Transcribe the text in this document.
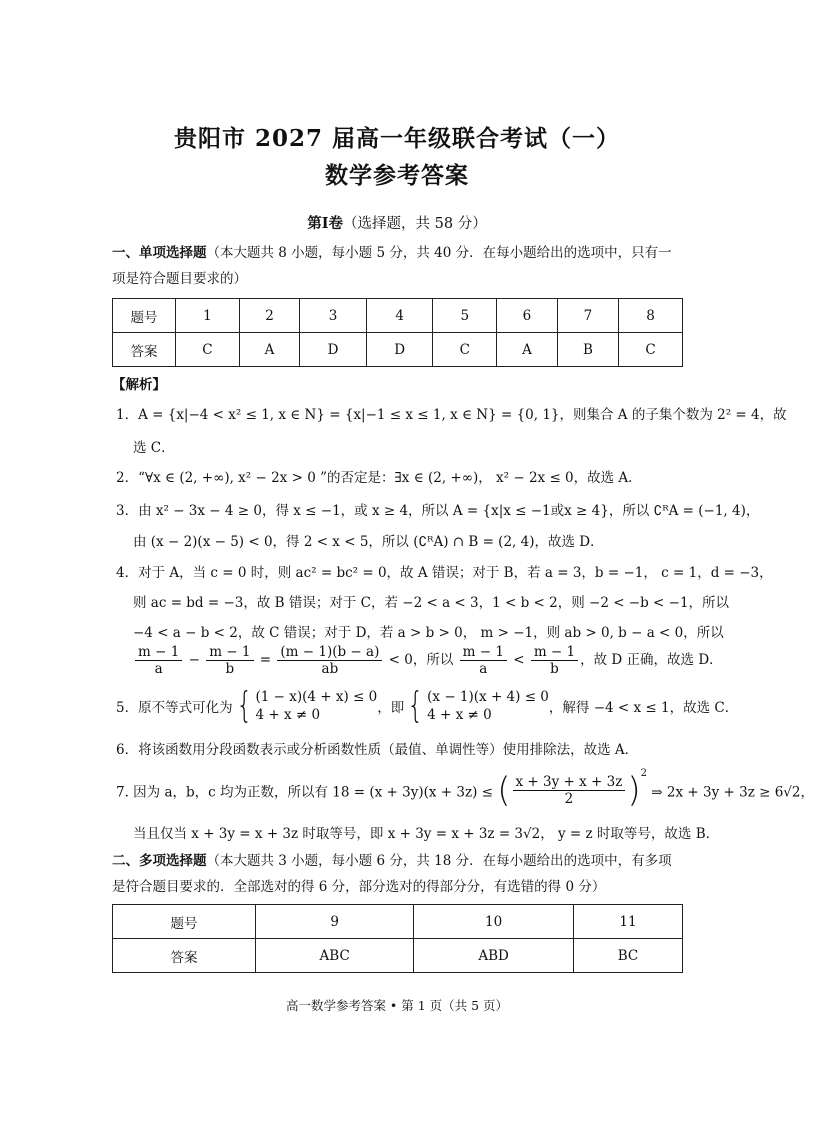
贵阳市 2027 届高一年级联合考试（一）
数学参考答案
第Ⅰ卷（选择题，共 58 分）
一、单项选择题（本大题共 8 小题，每小题 5 分，共 40 分．在每小题给出的选项中，只有一
项是符合题目要求的）
题号	1	2	3	4	5	6	7	8
答案	C	A	D	D	C	A	B	C
【解析】
1．A = {x|−4 < x² ≤ 1, x ∈ N} = {x|−1 ≤ x ≤ 1, x ∈ N} = {0, 1}，则集合 A 的子集个数为 2² = 4，故
选 C．
2．“∀x ∈ (2, +∞), x² − 2x > 0 ”的否定是：∃x ∈ (2, +∞)， x² − 2x ≤ 0，故选 A．
3．由 x² − 3x − 4 ≥ 0，得 x ≤ −1，或 x ≥ 4，所以 A = {x|x ≤ −1或x ≥ 4}，所以 ∁ᴿA = (−1, 4)，
由 (x − 2)(x − 5) < 0，得 2 < x < 5，所以 (∁ᴿA) ∩ B = (2, 4)，故选 D．
4．对于 A，当 c = 0 时，则 ac² = bc² = 0，故 A 错误；对于 B，若 a = 3，b = −1， c = 1，d = −3，
则 ac = bd = −3，故 B 错误；对于 C，若 −2 < a < 3，1 < b < 2，则 −2 < −b < −1，所以
−4 < a − b < 2，故 C 错误；对于 D，若 a > b > 0， m > −1，则 ab > 0, b − a < 0，所以
$\frac{m - 1}{a} - \frac{m - 1}{b} = \frac{(m - 1)(b - a)}{ab} < 0$，所以 $\frac{m - 1}{a} < \frac{m - 1}{b}$ ，故 D 正确，故选 D．
5．原不等式可化为{ (1 − x)(4 + x) ≤ 0
4 + x ≠ 0	，即{ (x − 1)(x + 4) ≤ 0
4 + x ≠ 0	，解得 −4 < x ≤ 1，故选 C．
6．将该函数用分段函数表示或分析函数性质（最值、单调性等）使用排除法，故选 A．
7. 因为 a，b，c 均为正数，所以有 18 = (x + 3y)(x + 3z) ≤ ( $\frac{x + 3y + x + 3z}{2} )^2$ ⇒ 2x + 3y + 3z ≥ 6√2，
当且仅当 x + 3y = x + 3z 时取等号，即 x + 3y = x + 3z = 3√2， y = z 时取等号，故选 B．
二、多项选择题（本大题共 3 小题，每小题 6 分，共 18 分．在每小题给出的选项中，有多项
是符合题目要求的．全部选对的得 6 分，部分选对的得部分分，有选错的得 0 分）
题号	9	10	11
答案	ABC	ABD	BC
高一数学参考答案 • 第 1 页（共 5 页）
